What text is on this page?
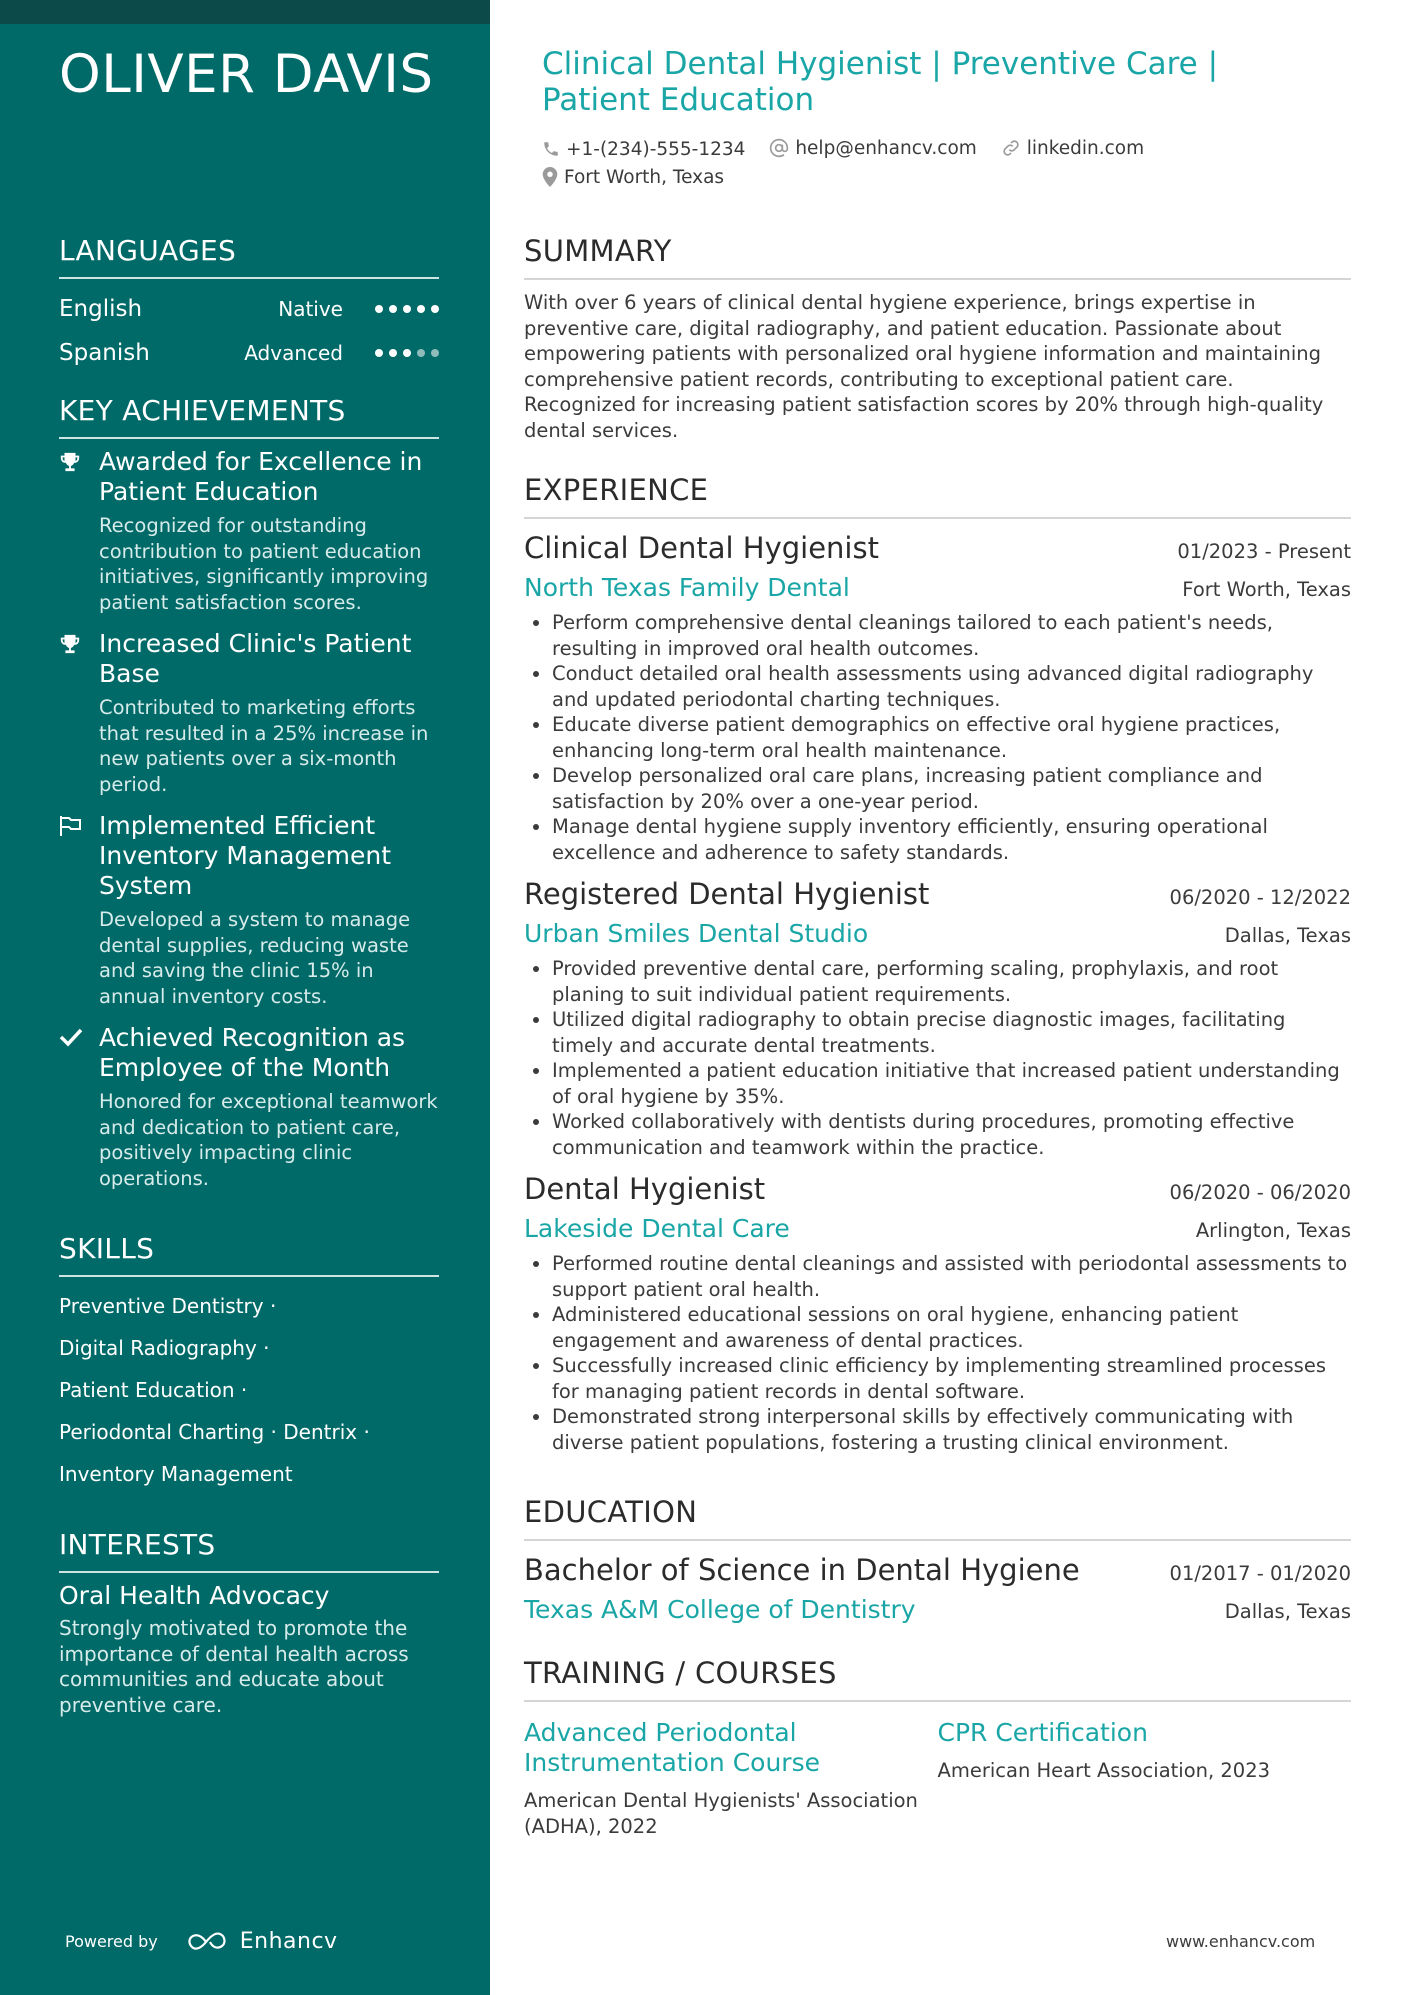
OLIVER DAVIS
LANGUAGES
English	Native
Spanish	Advanced
KEY ACHIEVEMENTS
Awarded for Excellence in Patient Education
Recognized for outstanding contribution to patient education initiatives, significantly improving patient satisfaction scores.
Increased Clinic's Patient Base
Contributed to marketing efforts that resulted in a 25% increase in new patients over a six-month period.
Implemented Efficient Inventory Management System
Developed a system to manage dental supplies, reducing waste and saving the clinic 15% in annual inventory costs.
Achieved Recognition as Employee of the Month
Honored for exceptional teamwork and dedication to patient care, positively impacting clinic operations.
SKILLS
Preventive Dentistry ·
Digital Radiography ·
Patient Education ·
Periodontal Charting · Dentrix ·
Inventory Management
INTERESTS
Oral Health Advocacy
Strongly motivated to promote the importance of dental health across communities and educate about preventive care.
Powered by	Enhancv
Clinical Dental Hygienist | Preventive Care | Patient Education
+1-(234)-555-1234
	help@enhancv.com
	linkedin.com

Fort Worth, Texas
SUMMARY
With over 6 years of clinical dental hygiene experience, brings expertise in preventive care, digital radiography, and patient education. Passionate about empowering patients with personalized oral hygiene information and maintaining comprehensive patient records, contributing to exceptional patient care. Recognized for increasing patient satisfaction scores by 20% through high-quality dental services.
EXPERIENCE
Clinical Dental Hygienist	01/2023 - Present
North Texas Family Dental	Fort Worth, Texas
• Perform comprehensive dental cleanings tailored to each patient's needs, resulting in improved oral health outcomes.
• Conduct detailed oral health assessments using advanced digital radiography and updated periodontal charting techniques.
• Educate diverse patient demographics on effective oral hygiene practices, enhancing long-term oral health maintenance.
• Develop personalized oral care plans, increasing patient compliance and satisfaction by 20% over a one-year period.
• Manage dental hygiene supply inventory efficiently, ensuring operational excellence and adherence to safety standards.
Registered Dental Hygienist	06/2020 - 12/2022
Urban Smiles Dental Studio	Dallas, Texas
• Provided preventive dental care, performing scaling, prophylaxis, and root planing to suit individual patient requirements.
• Utilized digital radiography to obtain precise diagnostic images, facilitating timely and accurate dental treatments.
• Implemented a patient education initiative that increased patient understanding of oral hygiene by 35%.
• Worked collaboratively with dentists during procedures, promoting effective communication and teamwork within the practice.
Dental Hygienist	06/2020 - 06/2020
Lakeside Dental Care	Arlington, Texas
• Performed routine dental cleanings and assisted with periodontal assessments to support patient oral health.
• Administered educational sessions on oral hygiene, enhancing patient engagement and awareness of dental practices.
• Successfully increased clinic efficiency by implementing streamlined processes for managing patient records in dental software.
• Demonstrated strong interpersonal skills by effectively communicating with diverse patient populations, fostering a trusting clinical environment.
EDUCATION
Bachelor of Science in Dental Hygiene	01/2017 - 01/2020
Texas A&M College of Dentistry	Dallas, Texas
TRAINING / COURSES
Advanced Periodontal Instrumentation Course
American Dental Hygienists' Association (ADHA), 2022
CPR Certification
American Heart Association, 2023
www.enhancv.com
